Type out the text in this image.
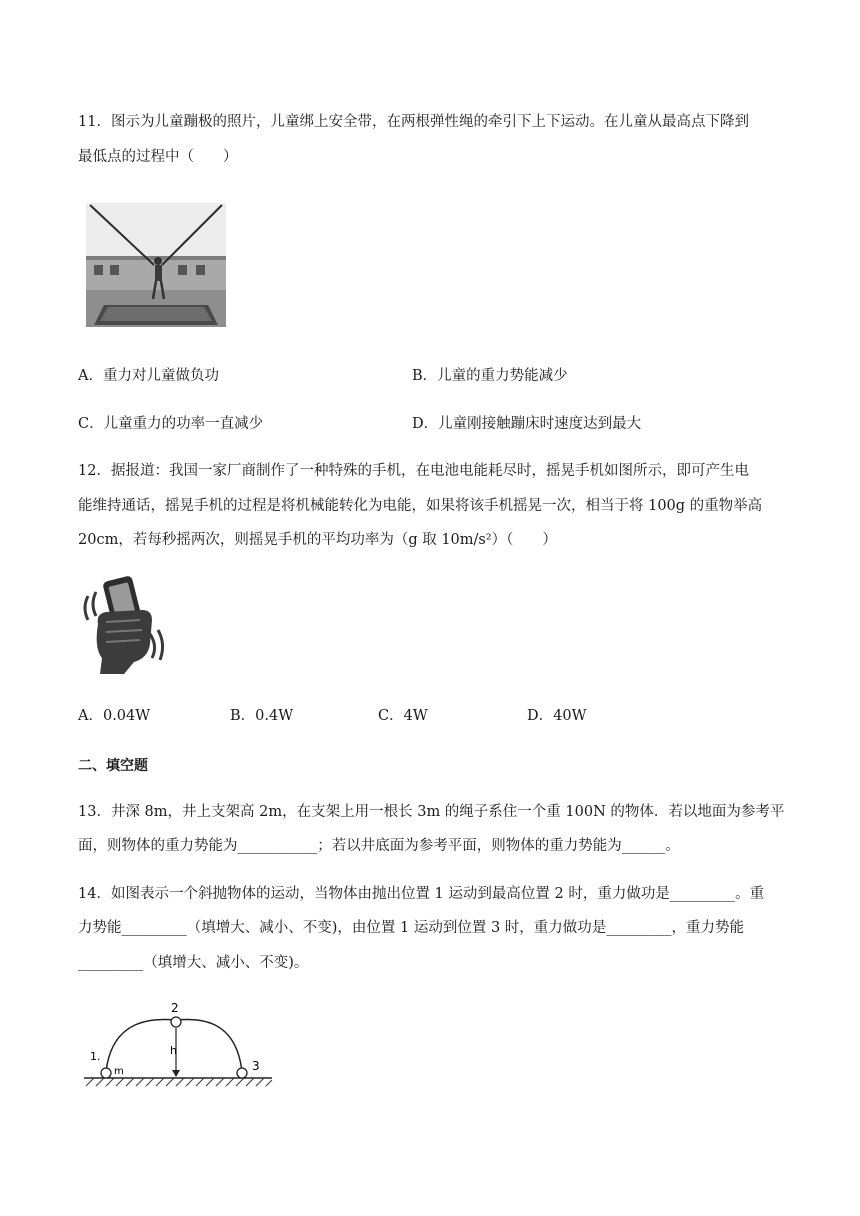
11．图示为儿童蹦极的照片，儿童绑上安全带，在两根弹性绳的牵引下上下运动。在儿童从最高点下降到
最低点的过程中（　　）
A．重力对儿童做负功	B．儿童的重力势能减少
C．儿童重力的功率一直减少	D．儿童刚接触蹦床时速度达到最大
12．据报道：我国一家厂商制作了一种特殊的手机，在电池电能耗尽时，摇晃手机如图所示，即可产生电
能维持通话，摇晃手机的过程是将机械能转化为电能，如果将该手机摇晃一次，相当于将 100g 的重物举高
20cm，若每秒摇两次，则摇晃手机的平均功率为（g 取 10m/s²）（　　）
A．0.04W	B．0.4W	C．4W	D．40W
二、填空题
13．井深 8m，井上支架高 2m，在支架上用一根长 3m 的绳子系住一个重 100N 的物体．若以地面为参考平
面，则物体的重力势能为___________；若以井底面为参考平面，则物体的重力势能为______。
14．如图表示一个斜抛物体的运动，当物体由抛出位置 1 运动到最高位置 2 时，重力做功是_________。重
力势能_________（填增大、减小、不变)，由位置 1 运动到位置 3 时，重力做功是_________，重力势能
_________（填增大、减小、不变)。
1.
2
3
m
h
